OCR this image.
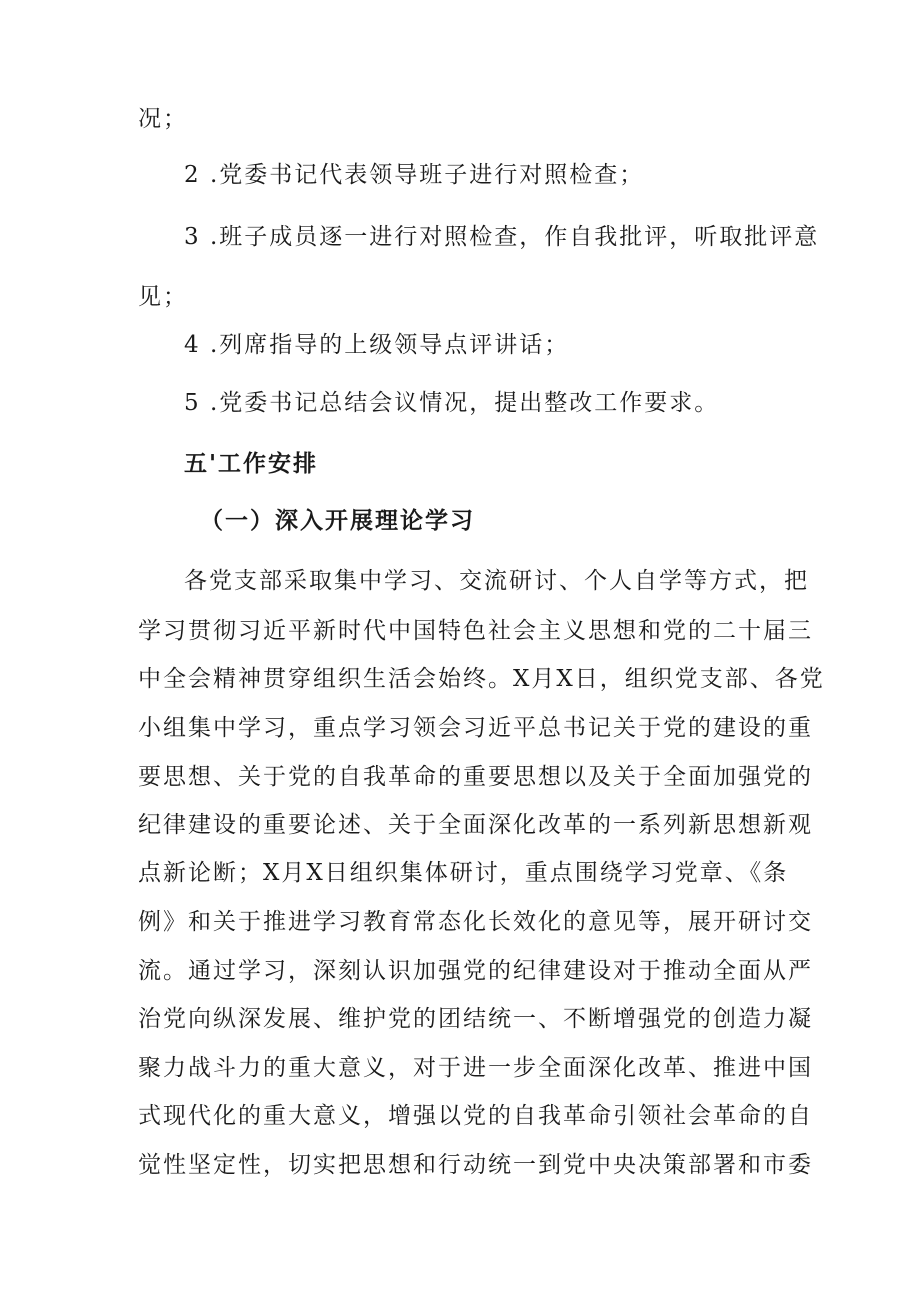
况；
2 .党委书记代表领导班子进行对照检查；
3 .班子成员逐一进行对照检查，作自我批评，听取批评意
见；
4 .列席指导的上级领导点评讲话；
5 .党委书记总结会议情况，提出整改工作要求。
五'工作安排
（一）深入开展理论学习
各党支部采取集中学习、交流研讨、个人自学等方式，把
学习贯彻习近平新时代中国特色社会主义思想和党的二十届三
中全会精神贯穿组织生活会始终。X月X日，组织党支部、各党
小组集中学习，重点学习领会习近平总书记关于党的建设的重
要思想、关于党的自我革命的重要思想以及关于全面加强党的
纪律建设的重要论述、关于全面深化改革的一系列新思想新观
点新论断；X月X日组织集体研讨，重点围绕学习党章、《条
例》和关于推进学习教育常态化长效化的意见等，展开研讨交
流。通过学习，深刻认识加强党的纪律建设对于推动全面从严
治党向纵深发展、维护党的团结统一、不断增强党的创造力凝
聚力战斗力的重大意义，对于进一步全面深化改革、推进中国
式现代化的重大意义，增强以党的自我革命引领社会革命的自
觉性坚定性，切实把思想和行动统一到党中央决策部署和市委
